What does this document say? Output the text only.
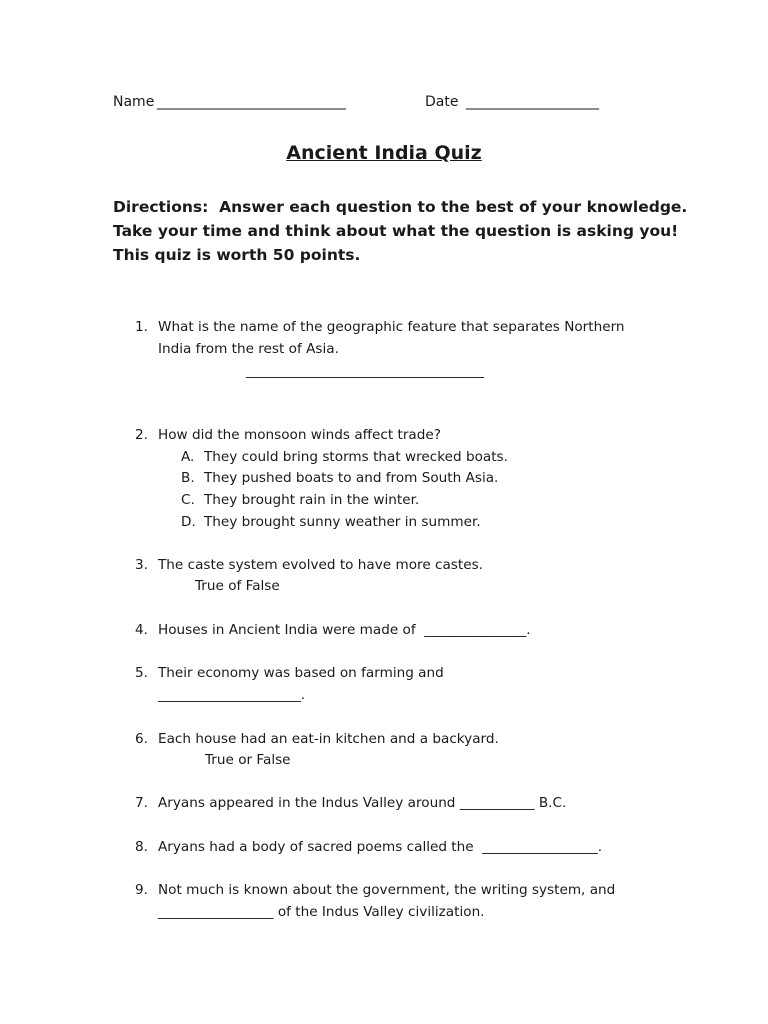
Name ___________________________	Date ___________________
Ancient India Quiz
Directions:  Answer each question to the best of your knowledge.
Take your time and think about what the question is asking you!
This quiz is worth 50 points.
1. What is the name of the geographic feature that separates Northern
India from the rest of Asia.
___________________________________
2. How did the monsoon winds affect trade?
A. They could bring storms that wrecked boats.
B. They pushed boats to and from South Asia.
C. They brought rain in the winter.
D. They brought sunny weather in summer.
3. The caste system evolved to have more castes.
True of False
4. Houses in Ancient India were made of  _______________.
5. Their economy was based on farming and
_____________________.
6. Each house had an eat-in kitchen and a backyard.
True or False
7. Aryans appeared in the Indus Valley around ___________ B.C.
8. Aryans had a body of sacred poems called the  _________________.
9. Not much is known about the government, the writing system, and
_________________ of the Indus Valley civilization.
